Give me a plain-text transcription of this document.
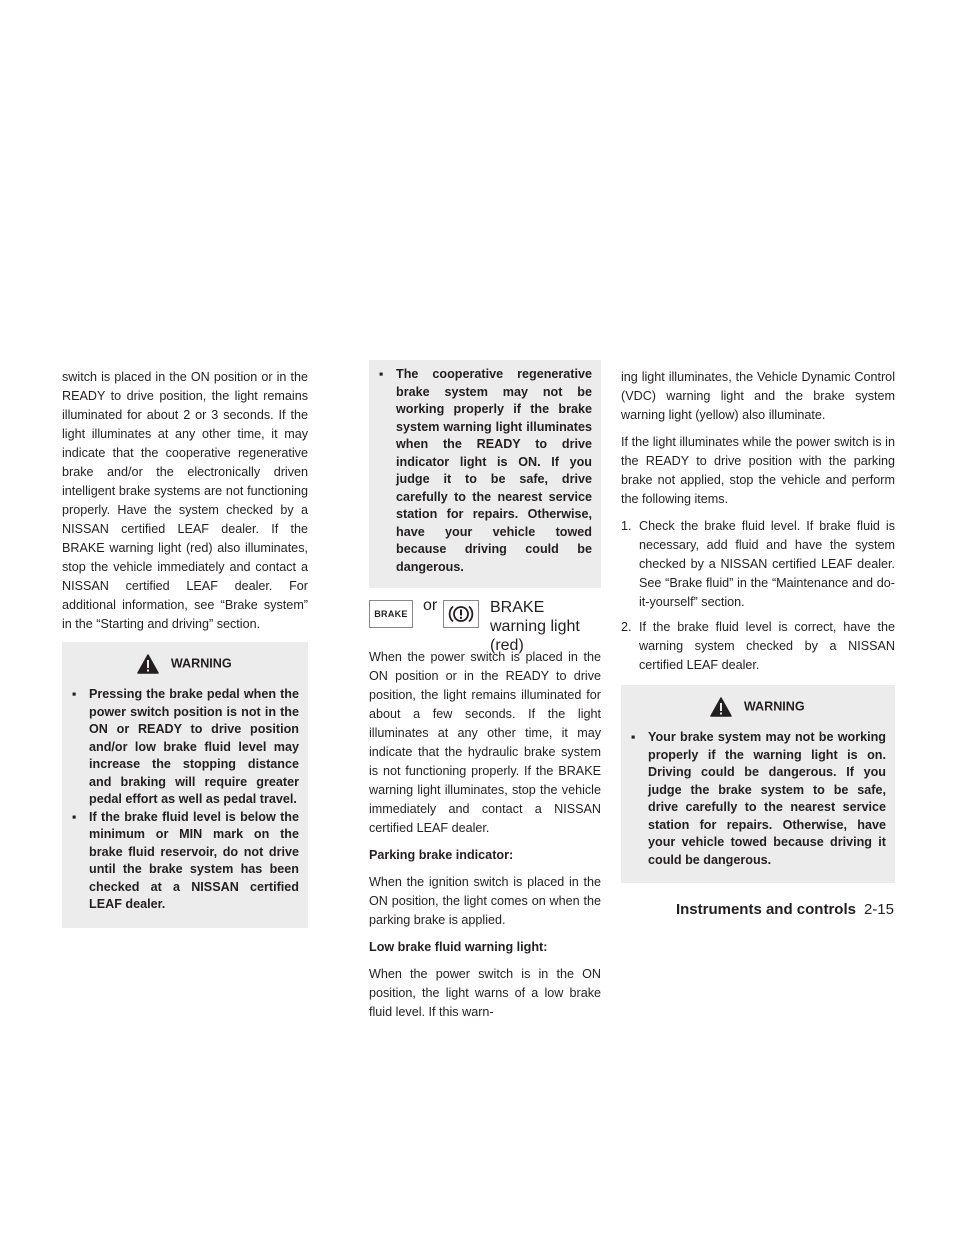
switch is placed in the ON position or in the READY to drive position, the light remains illuminated for about 2 or 3 seconds. If the light illuminates at any other time, it may indicate that the cooperative regenerative brake and/or the electronically driven intelligent brake systems are not functioning properly. Have the system checked by a NISSAN certified LEAF dealer. If the BRAKE warning light (red) also illuminates, stop the vehicle immediately and contact a NISSAN certified LEAF dealer. For additional information, see “Brake system” in the “Starting and driving” section.

WARNING
▪ Pressing the brake pedal when the power switch position is not in the ON or READY to drive position and/or low brake fluid level may increase the stopping distance and braking will require greater pedal effort as well as pedal travel.
▪ If the brake fluid level is below the minimum or MIN mark on the brake fluid reservoir, do not drive until the brake system has been checked at a NISSAN certified LEAF dealer.
▪ The cooperative regenerative brake system may not be working properly if the brake system warning light illuminates when the READY to drive indicator light is ON. If you judge it to be safe, drive carefully to the nearest service station for repairs. Otherwise, have your vehicle towed because driving could be dangerous.
BRAKE or	BRAKE warning light (red)

When the power switch is placed in the ON position or in the READY to drive position, the light remains illuminated for about a few seconds. If the light illuminates at any other time, it may indicate that the hydraulic brake system is not functioning properly. If the BRAKE warning light illuminates, stop the vehicle immediately and contact a NISSAN certified LEAF dealer.

Parking brake indicator:

When the ignition switch is placed in the ON position, the light comes on when the parking brake is applied.

Low brake fluid warning light:

When the power switch is in the ON position, the light warns of a low brake fluid level. If this warn-

ing light illuminates, the Vehicle Dynamic Control (VDC) warning light and the brake system warning light (yellow) also illuminate.

If the light illuminates while the power switch is in the READY to drive position with the parking brake not applied, stop the vehicle and perform the following items.

1. Check the brake fluid level. If brake fluid is necessary, add fluid and have the system checked by a NISSAN certified LEAF dealer. See “Brake fluid” in the “Maintenance and do-it-yourself” section.
2. If the brake fluid level is correct, have the warning system checked by a NISSAN certified LEAF dealer.
WARNING
▪ Your brake system may not be working properly if the warning light is on. Driving could be dangerous. If you judge the brake system to be safe, drive carefully to the nearest service station for repairs. Otherwise, have your vehicle towed because driving it could be dangerous.
Instruments and controls 2-15
